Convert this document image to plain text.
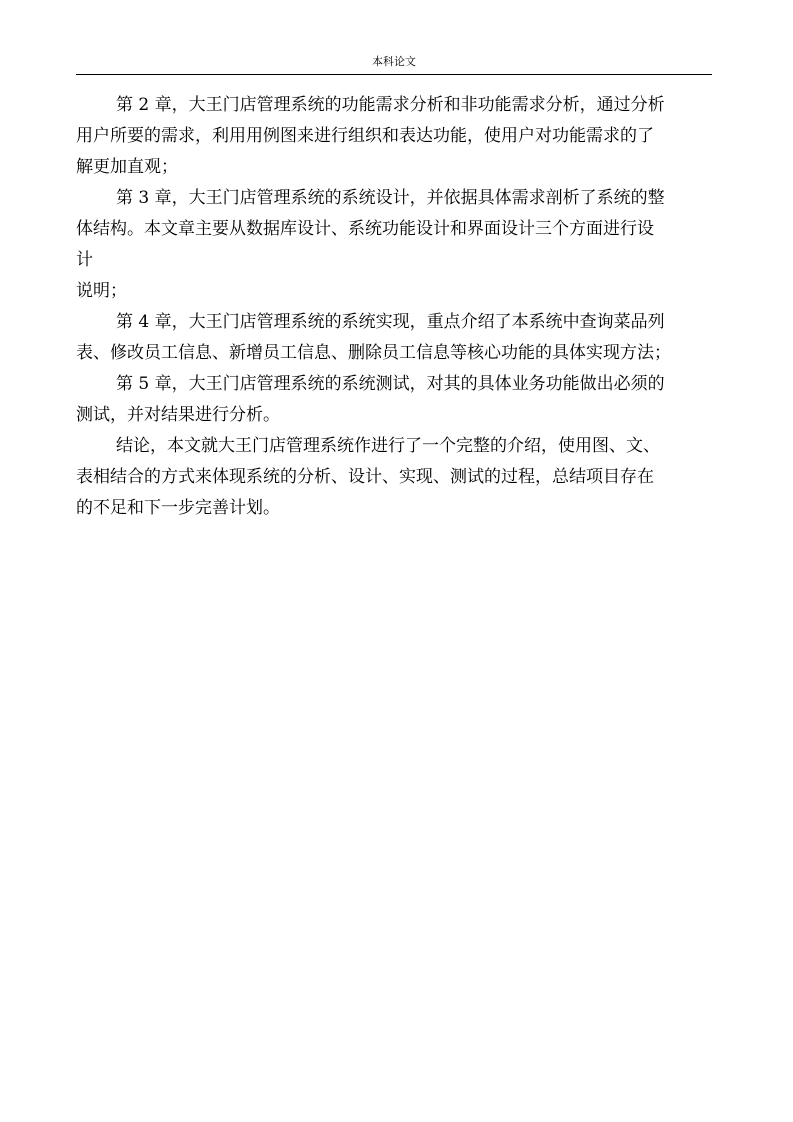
本科论文
第 2 章，大王门店管理系统的功能需求分析和非功能需求分析，通过分析
用户所要的需求，利用用例图来进行组织和表达功能，使用户对功能需求的了
解更加直观；
第 3 章，大王门店管理系统的系统设计，并依据具体需求剖析了系统的整
体结构。本文章主要从数据库设计、系统功能设计和界面设计三个方面进行设
计
说明；
第 4 章，大王门店管理系统的系统实现，重点介绍了本系统中查询菜品列
表、修改员工信息、新增员工信息、删除员工信息等核心功能的具体实现方法；
第 5 章，大王门店管理系统的系统测试，对其的具体业务功能做出必须的
测试，并对结果进行分析。
结论，本文就大王门店管理系统作进行了一个完整的介绍，使用图、文、
表相结合的方式来体现系统的分析、设计、实现、测试的过程，总结项目存在
的不足和下一步完善计划。
